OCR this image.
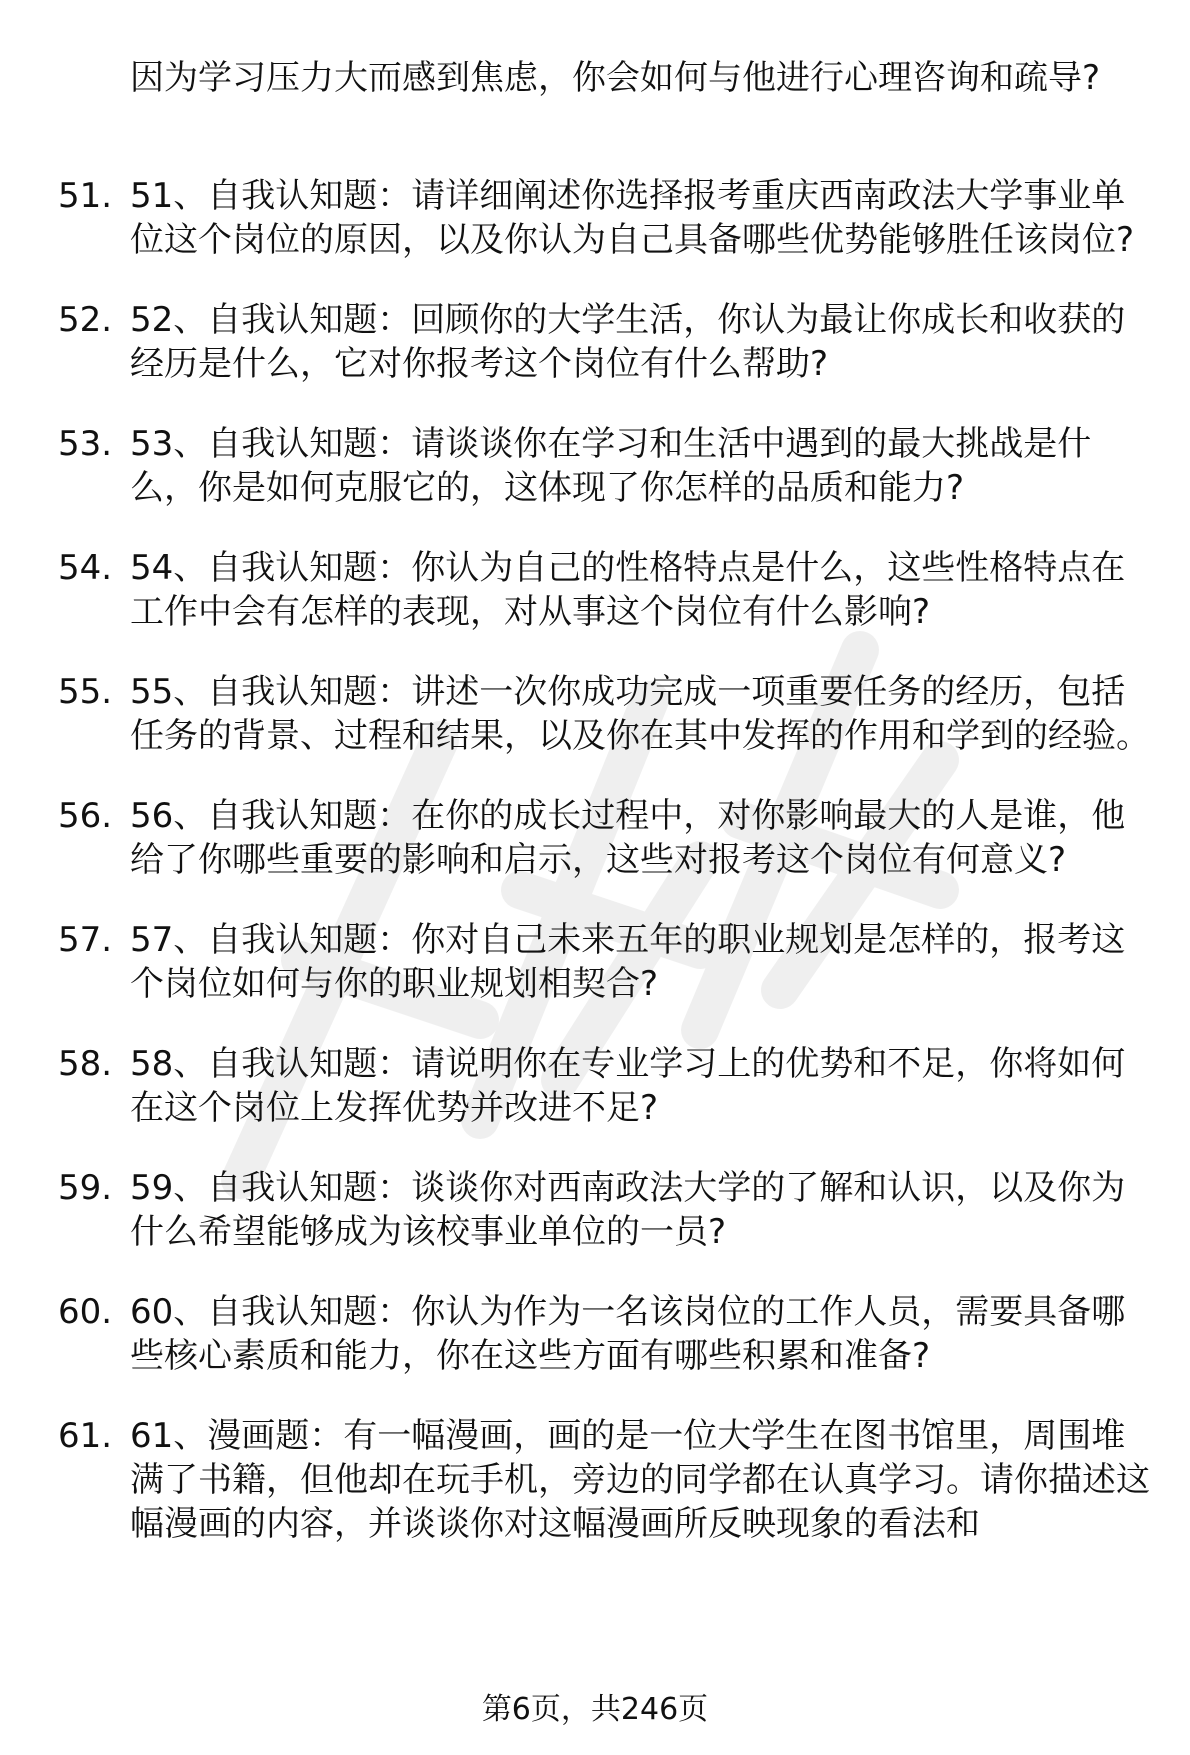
因为学习压力大而感到焦虑，你会如何与他进行心理咨询和疏导?

51. 51、自我认知题：请详细阐述你选择报考重庆西南政法大学事业单位这个岗位的原因，以及你认为自己具备哪些优势能够胜任该岗位?
52. 52、自我认知题：回顾你的大学生活，你认为最让你成长和收获的经历是什么，它对你报考这个岗位有什么帮助?
53. 53、自我认知题：请谈谈你在学习和生活中遇到的最大挑战是什么，你是如何克服它的，这体现了你怎样的品质和能力?
54. 54、自我认知题：你认为自己的性格特点是什么，这些性格特点在工作中会有怎样的表现，对从事这个岗位有什么影响?
55. 55、自我认知题：讲述一次你成功完成一项重要任务的经历，包括任务的背景、过程和结果，以及你在其中发挥的作用和学到的经验。
56. 56、自我认知题：在你的成长过程中，对你影响最大的人是谁，他给了你哪些重要的影响和启示，这些对报考这个岗位有何意义?
57. 57、自我认知题：你对自己未来五年的职业规划是怎样的，报考这个岗位如何与你的职业规划相契合?
58. 58、自我认知题：请说明你在专业学习上的优势和不足，你将如何在这个岗位上发挥优势并改进不足?
59. 59、自我认知题：谈谈你对西南政法大学的了解和认识，以及你为什么希望能够成为该校事业单位的一员?
60. 60、自我认知题：你认为作为一名该岗位的工作人员，需要具备哪些核心素质和能力，你在这些方面有哪些积累和准备?
61. 61、漫画题：有一幅漫画，画的是一位大学生在图书馆里，周围堆满了书籍，但他却在玩手机，旁边的同学都在认真学习。请你描述这幅漫画的内容，并谈谈你对这幅漫画所反映现象的看法和
第6页，共246页
